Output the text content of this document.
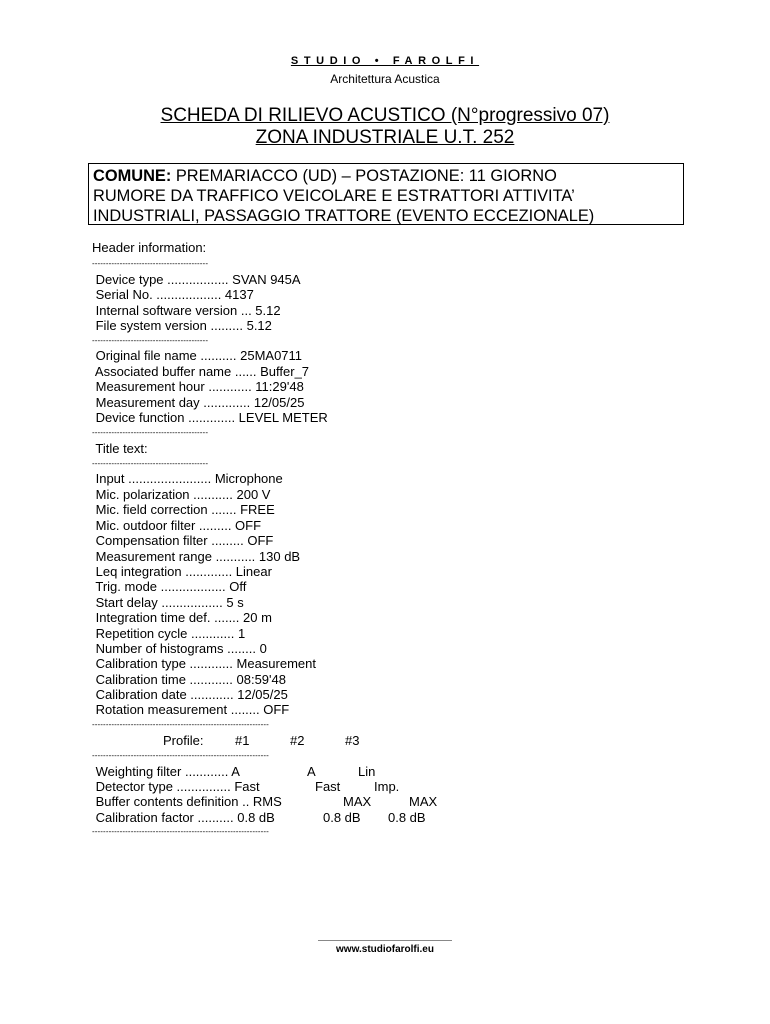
STUDIO • FAROLFI
Architettura Acustica
SCHEDA DI RILIEVO ACUSTICO (N°progressivo 07)
ZONA INDUSTRIALE U.T. 252
COMUNE: PREMARIACCO (UD) – POSTAZIONE: 11 GIORNO
RUMORE DA TRAFFICO VEICOLARE E ESTRATTORI ATTIVITA’
INDUSTRIALI, PASSAGGIO TRATTORE (EVENTO ECCEZIONALE)
Header information:
------------------------------------------
Device type ................. SVAN 945A
Serial No. .................. 4137
Internal software version ... 5.12
File system version ......... 5.12
------------------------------------------
Original file name .......... 25MA0711
Associated buffer name ...... Buffer_7
Measurement hour ............ 11:29'48
Measurement day ............. 12/05/25
Device function ............. LEVEL METER
------------------------------------------
Title text:
------------------------------------------
Input ....................... Microphone
Mic. polarization ........... 200 V
Mic. field correction ....... FREE
Mic. outdoor filter ......... OFF
Compensation filter ......... OFF
Measurement range ........... 130 dB
Leq integration ............. Linear
Trig. mode .................. Off
Start delay ................. 5 s
Integration time def. ....... 20 m
Repetition cycle ............ 1
Number of histograms ........ 0
Calibration type ............ Measurement
Calibration time ............ 08:59'48
Calibration date ............ 12/05/25
Rotation measurement ........ OFF
----------------------------------------------------------------
Profile: #1	#2	#3
----------------------------------------------------------------
Weighting filter ............ A	A	Lin
Detector type ............... Fast	Fast	Imp.
Buffer contents definition .. RMS	MAX	MAX
Calibration factor .......... 0.8 dB	0.8 dB 0.8 dB
----------------------------------------------------------------
www.studiofarolfi.eu
